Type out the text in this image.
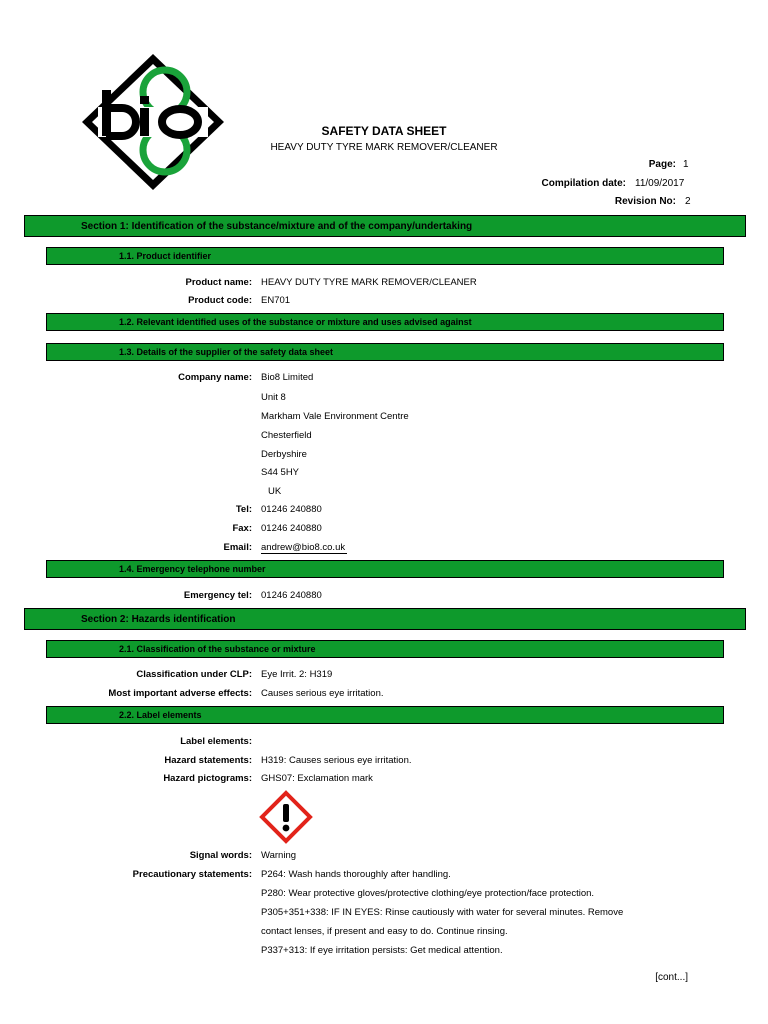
SAFETY DATA SHEET
HEAVY DUTY TYRE MARK REMOVER/CLEANER
Page: 1
Compilation date: 11/09/2017
Revision No: 2
Section 1: Identification of the substance/mixture and of the company/undertaking
1.1. Product identifier
Product name: HEAVY DUTY TYRE MARK REMOVER/CLEANER
Product code: EN701
1.2. Relevant identified uses of the substance or mixture and uses advised against
1.3. Details of the supplier of the safety data sheet
Company name: Bio8 Limited
Unit 8
Markham Vale Environment Centre
Chesterfield
Derbyshire
S44 5HY
UK
Tel: 01246 240880
Fax: 01246 240880
Email: andrew@bio8.co.uk
1.4. Emergency telephone number
Emergency tel: 01246 240880
Section 2: Hazards identification
2.1. Classification of the substance or mixture
Classification under CLP: Eye Irrit. 2: H319
Most important adverse effects: Causes serious eye irritation.
2.2. Label elements
Label elements:
Hazard statements: H319: Causes serious eye irritation.
Hazard pictograms: GHS07: Exclamation mark
Signal words: Warning
Precautionary statements: P264: Wash hands thoroughly after handling.
P280: Wear protective gloves/protective clothing/eye protection/face protection.
P305+351+338: IF IN EYES: Rinse cautiously with water for several minutes. Remove
contact lenses, if present and easy to do. Continue rinsing.
P337+313: If eye irritation persists: Get medical attention.
[cont...]
